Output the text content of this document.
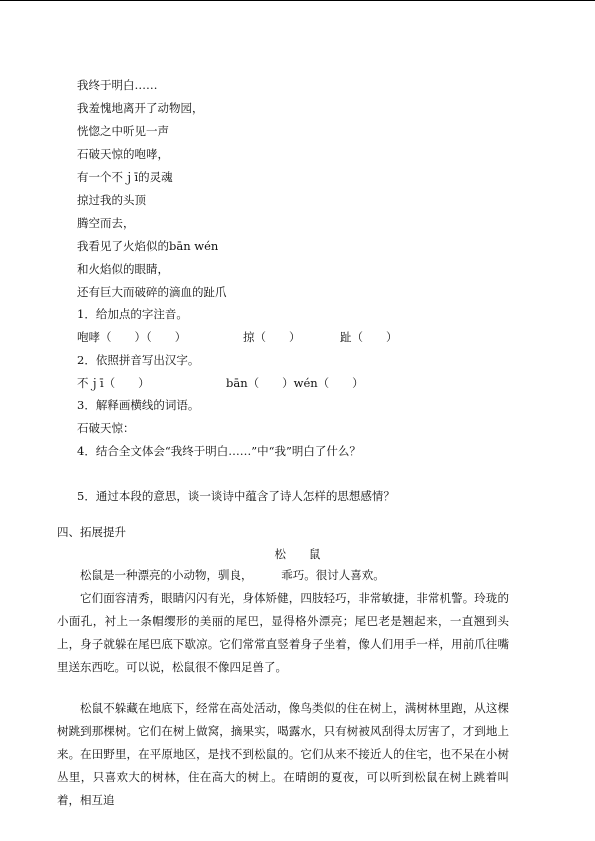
我终于明白……
我羞愧地离开了动物园，
恍惚之中听见一声
石破天惊的咆哮，
有一个不ｊī的灵魂
掠过我的头顶
腾空而去，
我看见了火焰似的bān wén
和火焰似的眼睛，
还有巨大而破碎的滴血的趾爪
1．给加点的字注音。
咆哮（　　）（　　）	掠（　　）	趾（　　）
2．依照拼音写出汉字。
不ｊī（　　）	bān（　　）wén（　　）
3．解释画横线的词语。
石破天惊：
4．结合全文体会“我终于明白……”中“我”明白了什么？
5．通过本段的意思，谈一谈诗中蕴含了诗人怎样的思想感情？
四、拓展提升
松　　鼠
松鼠是一种漂亮的小动物，驯良，　　　乖巧。很讨人喜欢。
它们面容清秀，眼睛闪闪有光，身体矫健，四肢轻巧，非常敏捷，非常机警。玲珑的小面孔，衬上一条帽缨形的美丽的尾巴，显得格外漂亮；尾巴老是翘起来，一直翘到头上，身子就躲在尾巴底下歇凉。它们常常直竖着身子坐着，像人们用手一样，用前爪往嘴里送东西吃。可以说，松鼠很不像四足兽了。
松鼠不躲藏在地底下，经常在高处活动，像鸟类似的住在树上，满树林里跑，从这棵树跳到那棵树。它们在树上做窝，摘果实，喝露水，只有树被风刮得太厉害了，才到地上来。在田野里，在平原地区，是找不到松鼠的。它们从来不接近人的住宅，也不呆在小树丛里，只喜欢大的树林，住在高大的树上。在晴朗的夏夜，可以听到松鼠在树上跳着叫着，相互追
